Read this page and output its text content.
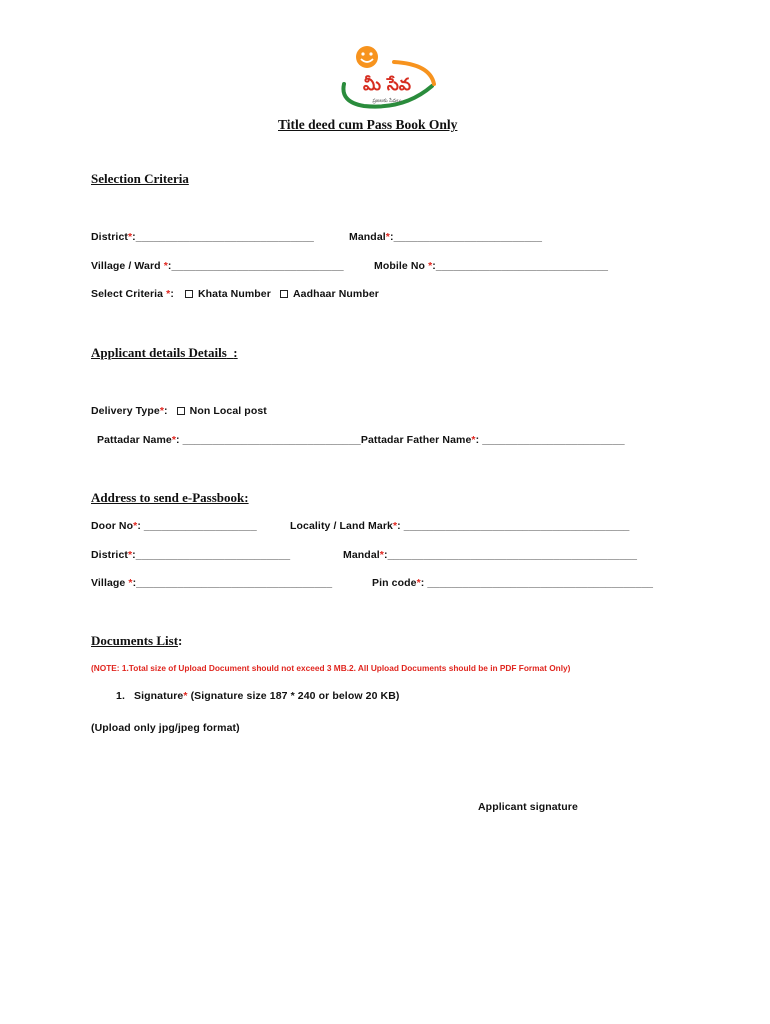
మీ సేవ
ప్రజలకు సేవలు
Title deed cum Pass Book Only
Selection Criteria
District*:______________________________	Mandal*:_________________________
Village / Ward *:_____________________________	Mobile No *:_____________________________
Select Criteria *: Khata Number Aadhaar Number
Applicant details Details :
Delivery Type*: Non Local post
Pattadar Name*: ______________________________Pattadar Father Name*: ________________________
Address to send e-Passbook:
Door No*: ___________________	Locality / Land Mark*: ______________________________________
District*:__________________________	Mandal*:__________________________________________
Village *:_________________________________	Pin code*: ______________________________________
Documents List:
(NOTE: 1.Total size of Upload Document should not exceed 3 MB.2. All Upload Documents should be in PDF Format Only)
1. Signature* (Signature size 187 * 240 or below 20 KB)
(Upload only jpg/jpeg format)
Applicant signature
